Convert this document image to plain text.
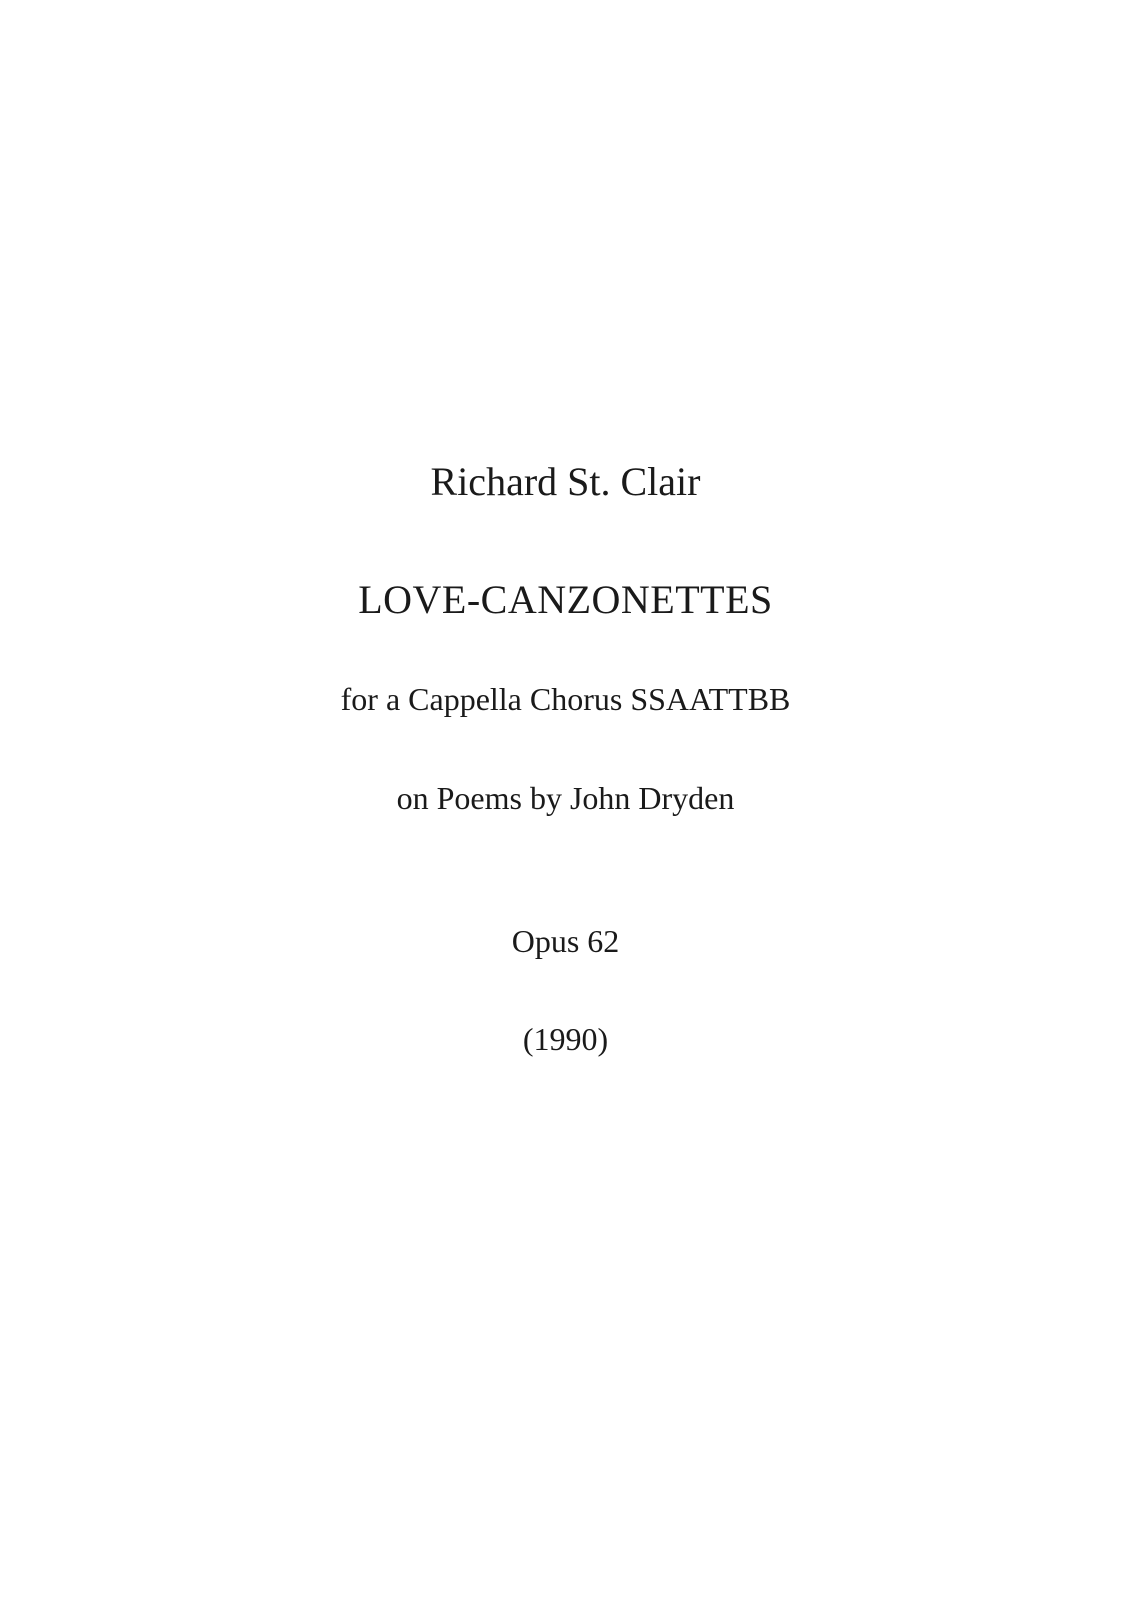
Richard St. Clair
LOVE-CANZONETTES
for a Cappella Chorus SSAATTBB
on Poems by John Dryden
Opus 62
(1990)
